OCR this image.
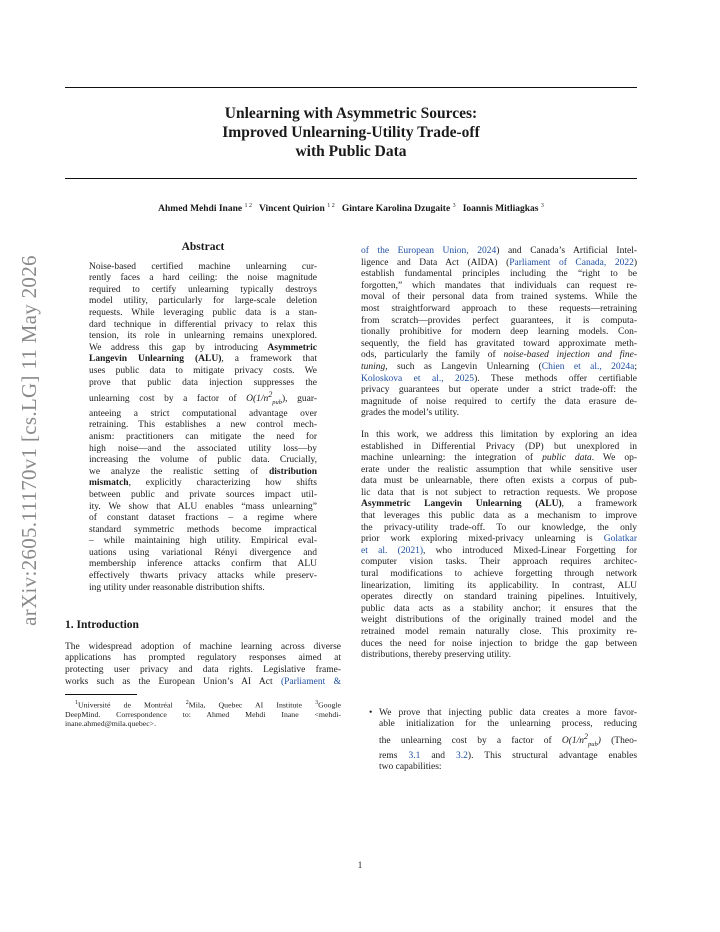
Unlearning with Asymmetric Sources:
Improved Unlearning-Utility Trade-off
with Public Data
Ahmed Mehdi Inane $^{1 2}$ Vincent Quirion $^{1 2}$ Gintare Karolina Dzugaite $^3$ Ioannis Mitliagkas $^3$
arXiv:2605.11170v1 [cs.LG] 11 May 2026
Abstract
Noise-based certified machine unlearning cur-
rently faces a hard ceiling: the noise magnitude
required to certify unlearning typically destroys
model utility, particularly for large-scale deletion
requests. While leveraging public data is a stan-
dard technique in differential privacy to relax this
tension, its role in unlearning remains unexplored.
We address this gap by introducing Asymmetric
Langevin Unlearning (ALU), a framework that
uses public data to mitigate privacy costs. We
prove that public data injection suppresses the
unlearning cost by a factor of $O(1/n^2_{pub})$, guar-
anteeing a strict computational advantage over
retraining. This establishes a new control mech-
anism: practitioners can mitigate the need for
high noise—and the associated utility loss—by
increasing the volume of public data. Crucially,
we analyze the realistic setting of distribution
mismatch, explicitly characterizing how shifts
between public and private sources impact util-
ity. We show that ALU enables “mass unlearning”
of constant dataset fractions – a regime where
standard symmetric methods become impractical
– while maintaining high utility. Empirical eval-
uations using variational Rényi divergence and
membership inference attacks confirm that ALU
effectively thwarts privacy attacks while preserv-
ing utility under reasonable distribution shifts.
1. Introduction
The widespread adoption of machine learning across diverse
applications has prompted regulatory responses aimed at
protecting user privacy and data rights. Legislative frame-
works such as the European Union’s AI Act (Parliament &
$^1$Université de Montréal $^2$Mila, Quebec AI Institute $^3$Google
DeepMind. Correspondence to: Ahmed Mehdi Inane <mehdi-
inane.ahmed@mila.quebec>.
of the European Union, 2024) and Canada’s Artificial Intel-
ligence and Data Act (AIDA) (Parliament of Canada, 2022)
establish fundamental principles including the “right to be
forgotten,” which mandates that individuals can request re-
moval of their personal data from trained systems. While the
most straightforward approach to these requests—retraining
from scratch—provides perfect guarantees, it is computa-
tionally prohibitive for modern deep learning models. Con-
sequently, the field has gravitated toward approximate meth-
ods, particularly the family of noise-based injection and fine-
tuning, such as Langevin Unlearning (Chien et al., 2024a;
Koloskova et al., 2025). These methods offer certifiable
privacy guarantees but operate under a strict trade-off: the
magnitude of noise required to certify the data erasure de-
grades the model’s utility.
In this work, we address this limitation by exploring an idea
established in Differential Privacy (DP) but unexplored in
machine unlearning: the integration of public data. We op-
erate under the realistic assumption that while sensitive user
data must be unlearnable, there often exists a corpus of pub-
lic data that is not subject to retraction requests. We propose
Asymmetric Langevin Unlearning (ALU), a framework
that leverages this public data as a mechanism to improve
the privacy-utility trade-off. To our knowledge, the only
prior work exploring mixed-privacy unlearning is Golatkar
et al. (2021), who introduced Mixed-Linear Forgetting for
computer vision tasks. Their approach requires architec-
tural modifications to achieve forgetting through network
linearization, limiting its applicability. In contrast, ALU
operates directly on standard training pipelines. Intuitively,
public data acts as a stability anchor; it ensures that the
weight distributions of the originally trained model and the
retrained model remain naturally close. This proximity re-
duces the need for noise injection to bridge the gap between
distributions, thereby preserving utility.
• We prove that injecting public data creates a more favor-
able initialization for the unlearning process, reducing
the unlearning cost by a factor of $O(1/n^2_{pub})$ (Theo-
rems 3.1 and 3.2). This structural advantage enables
two capabilities:
1
